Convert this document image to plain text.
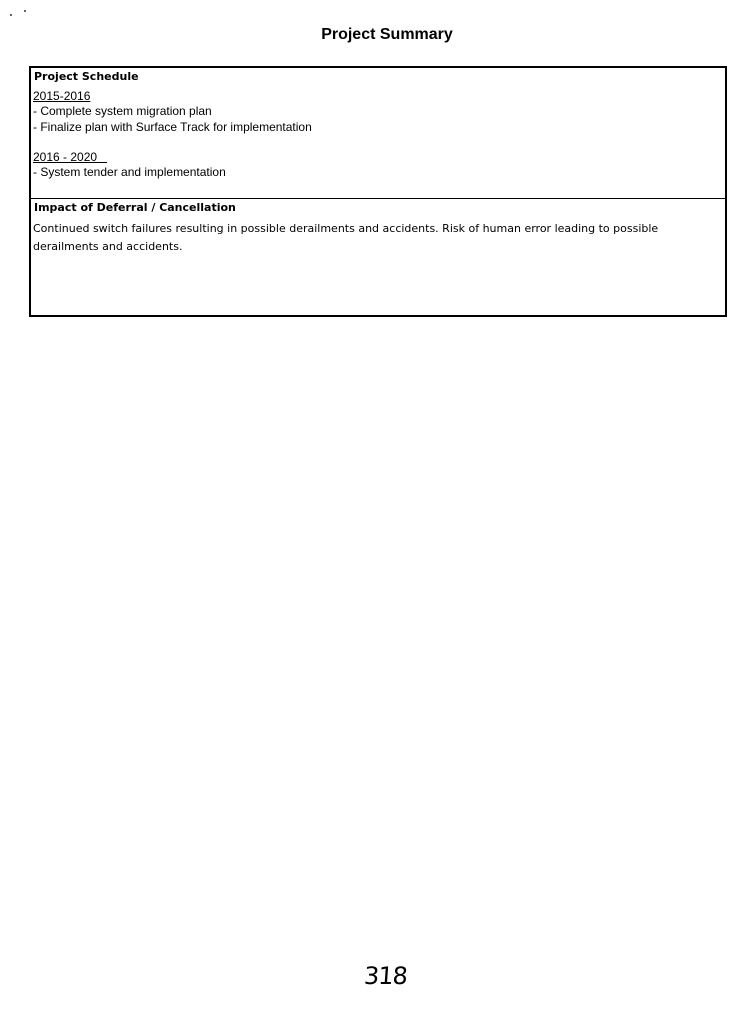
Project Summary
Project Schedule
2015-2016
- Complete system migration plan
- Finalize plan with Surface Track for implementation
2016 - 2020
- System tender and implementation
Impact of Deferral / Cancellation
Continued switch failures resulting in possible derailments and accidents. Risk of human error leading to possible derailments and accidents.
318
